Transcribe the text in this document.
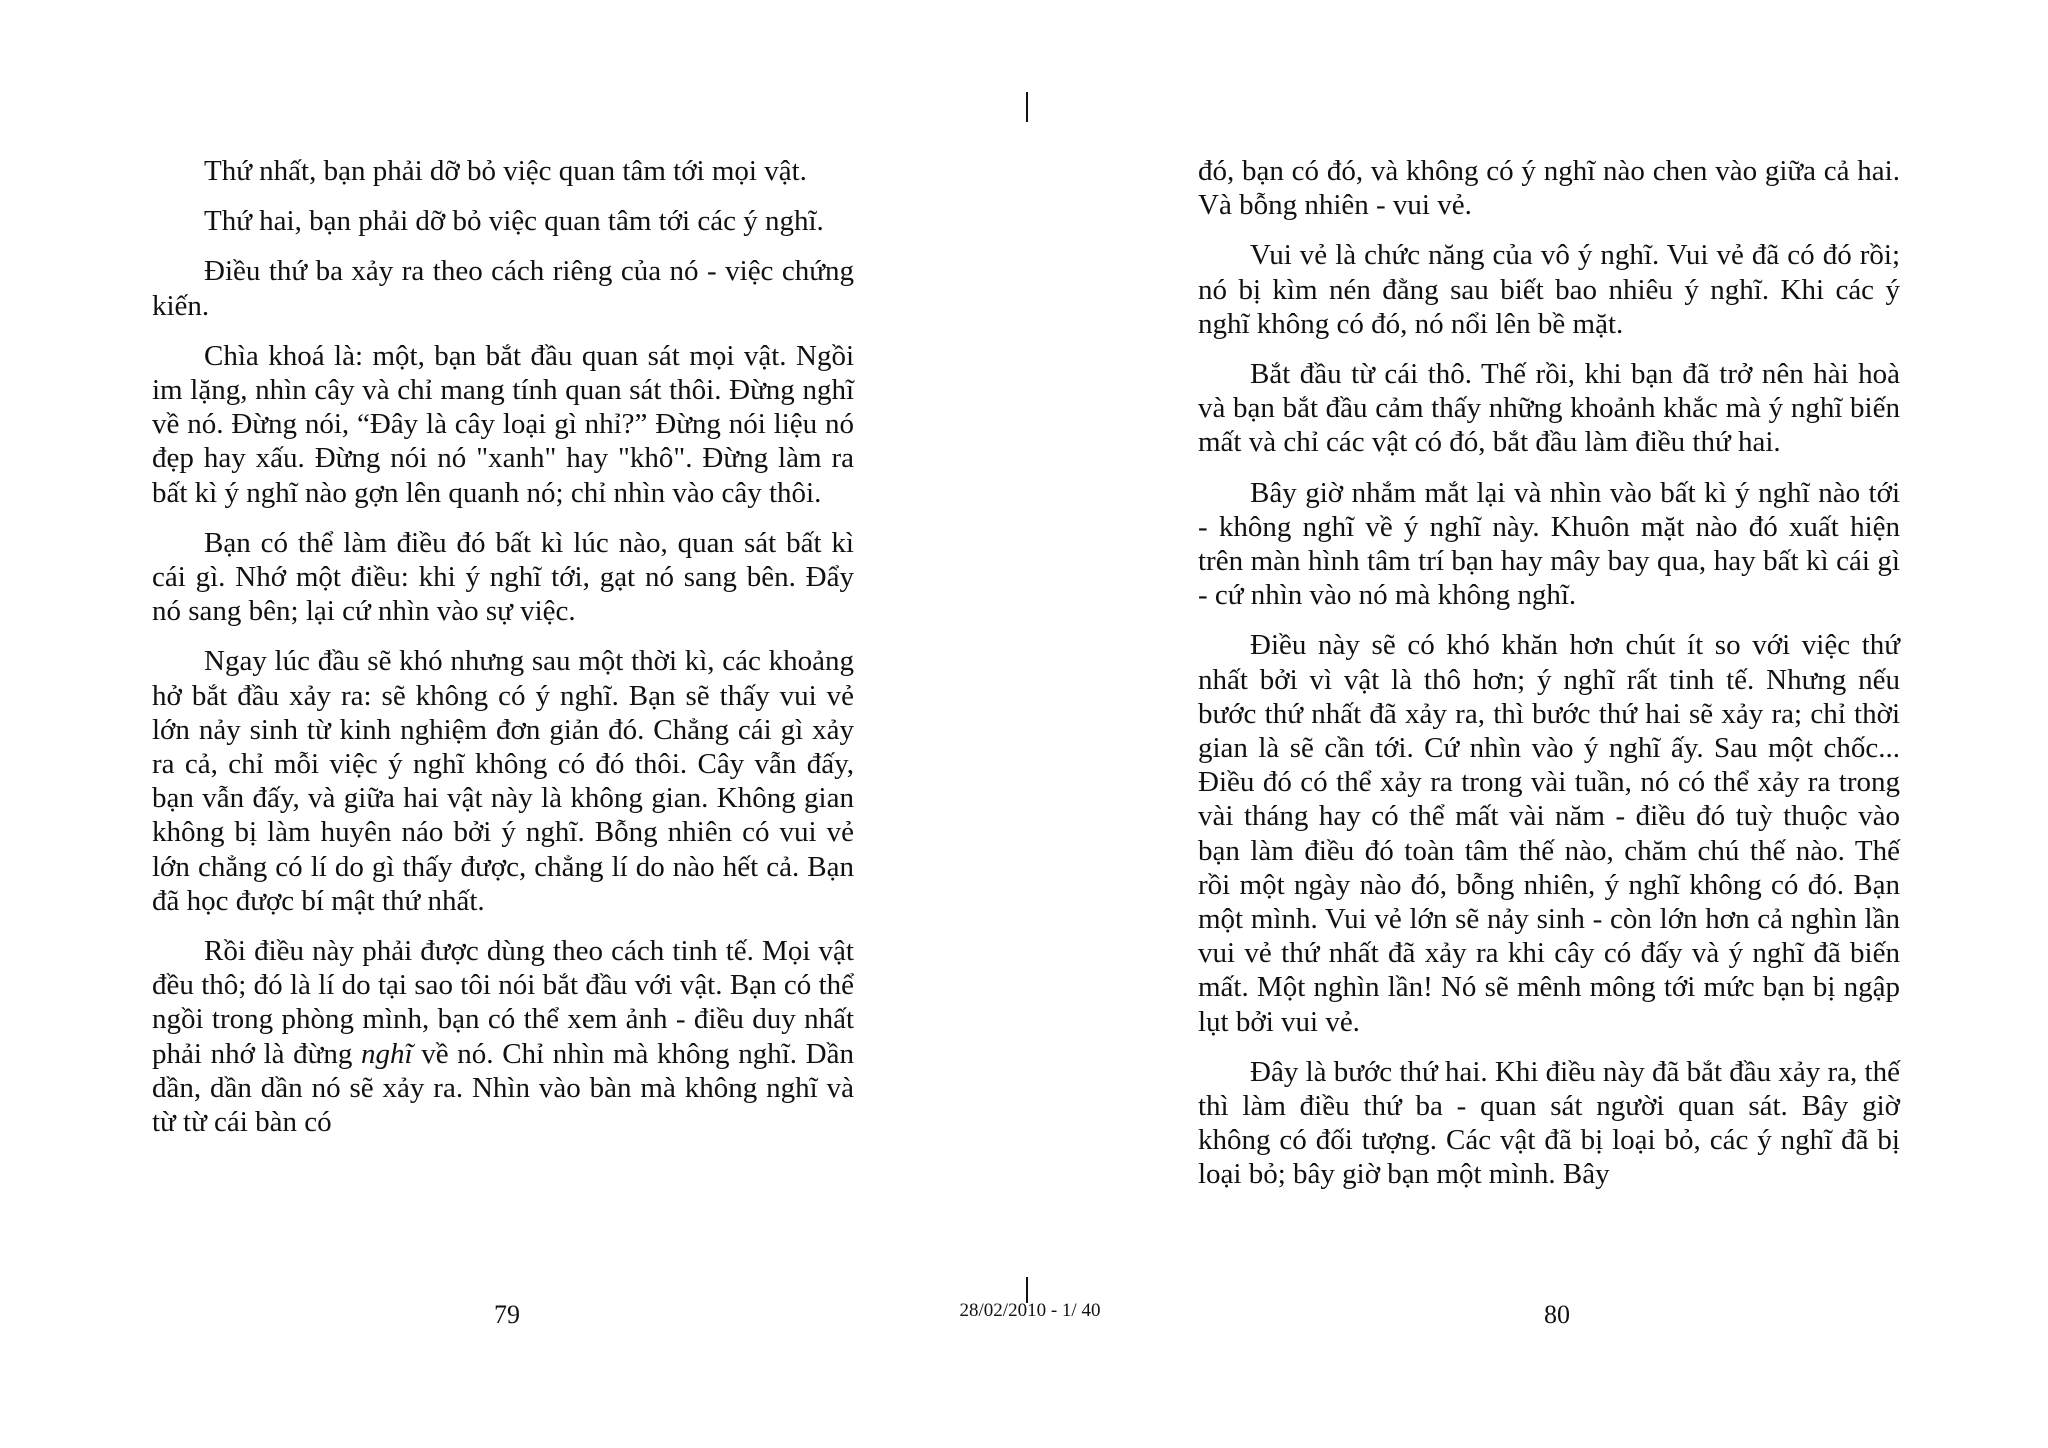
Thứ nhất, bạn phải dỡ bỏ việc quan tâm tới mọi vật.

Thứ hai, bạn phải dỡ bỏ việc quan tâm tới các ý nghĩ.

Điều thứ ba xảy ra theo cách riêng của nó - việc chứng kiến.

Chìa khoá là: một, bạn bắt đầu quan sát mọi vật. Ngồi im lặng, nhìn cây và chỉ mang tính quan sát thôi. Đừng nghĩ về nó. Đừng nói, “Đây là cây loại gì nhỉ?” Đừng nói liệu nó đẹp hay xấu. Đừng nói nó "xanh" hay "khô". Đừng làm ra bất kì ý nghĩ nào gợn lên quanh nó; chỉ nhìn vào cây thôi.

Bạn có thể làm điều đó bất kì lúc nào, quan sát bất kì cái gì. Nhớ một điều: khi ý nghĩ tới, gạt nó sang bên. Đẩy nó sang bên; lại cứ nhìn vào sự việc.

Ngay lúc đầu sẽ khó nhưng sau một thời kì, các khoảng hở bắt đầu xảy ra: sẽ không có ý nghĩ. Bạn sẽ thấy vui vẻ lớn nảy sinh từ kinh nghiệm đơn giản đó. Chẳng cái gì xảy ra cả, chỉ mỗi việc ý nghĩ không có đó thôi. Cây vẫn đấy, bạn vẫn đấy, và giữa hai vật này là không gian. Không gian không bị làm huyên náo bởi ý nghĩ. Bỗng nhiên có vui vẻ lớn chẳng có lí do gì thấy được, chẳng lí do nào hết cả. Bạn đã học được bí mật thứ nhất.

Rồi điều này phải được dùng theo cách tinh tế. Mọi vật đều thô; đó là lí do tại sao tôi nói bắt đầu với vật. Bạn có thể ngồi trong phòng mình, bạn có thể xem ảnh - điều duy nhất phải nhớ là đừng nghĩ về nó. Chỉ nhìn mà không nghĩ. Dần dần, dần dần nó sẽ xảy ra. Nhìn vào bàn mà không nghĩ và từ từ cái bàn có

đó, bạn có đó, và không có ý nghĩ nào chen vào giữa cả hai. Và bỗng nhiên - vui vẻ.

Vui vẻ là chức năng của vô ý nghĩ. Vui vẻ đã có đó rồi; nó bị kìm nén đằng sau biết bao nhiêu ý nghĩ. Khi các ý nghĩ không có đó, nó nổi lên bề mặt.

Bắt đầu từ cái thô. Thế rồi, khi bạn đã trở nên hài hoà và bạn bắt đầu cảm thấy những khoảnh khắc mà ý nghĩ biến mất và chỉ các vật có đó, bắt đầu làm điều thứ hai.

Bây giờ nhắm mắt lại và nhìn vào bất kì ý nghĩ nào tới - không nghĩ về ý nghĩ này. Khuôn mặt nào đó xuất hiện trên màn hình tâm trí bạn hay mây bay qua, hay bất kì cái gì - cứ nhìn vào nó mà không nghĩ.

Điều này sẽ có khó khăn hơn chút ít so với việc thứ nhất bởi vì vật là thô hơn; ý nghĩ rất tinh tế. Nhưng nếu bước thứ nhất đã xảy ra, thì bước thứ hai sẽ xảy ra; chỉ thời gian là sẽ cần tới. Cứ nhìn vào ý nghĩ ấy. Sau một chốc... Điều đó có thể xảy ra trong vài tuần, nó có thể xảy ra trong vài tháng hay có thể mất vài năm - điều đó tuỳ thuộc vào bạn làm điều đó toàn tâm thế nào, chăm chú thế nào. Thế rồi một ngày nào đó, bỗng nhiên, ý nghĩ không có đó. Bạn một mình. Vui vẻ lớn sẽ nảy sinh - còn lớn hơn cả nghìn lần vui vẻ thứ nhất đã xảy ra khi cây có đấy và ý nghĩ đã biến mất. Một nghìn lần! Nó sẽ mênh mông tới mức bạn bị ngập lụt bởi vui vẻ.

Đây là bước thứ hai. Khi điều này đã bắt đầu xảy ra, thế thì làm điều thứ ba - quan sát người quan sát. Bây giờ không có đối tượng. Các vật đã bị loại bỏ, các ý nghĩ đã bị loại bỏ; bây giờ bạn một mình. Bây

79	28/02/2010 - 1/ 40	80
